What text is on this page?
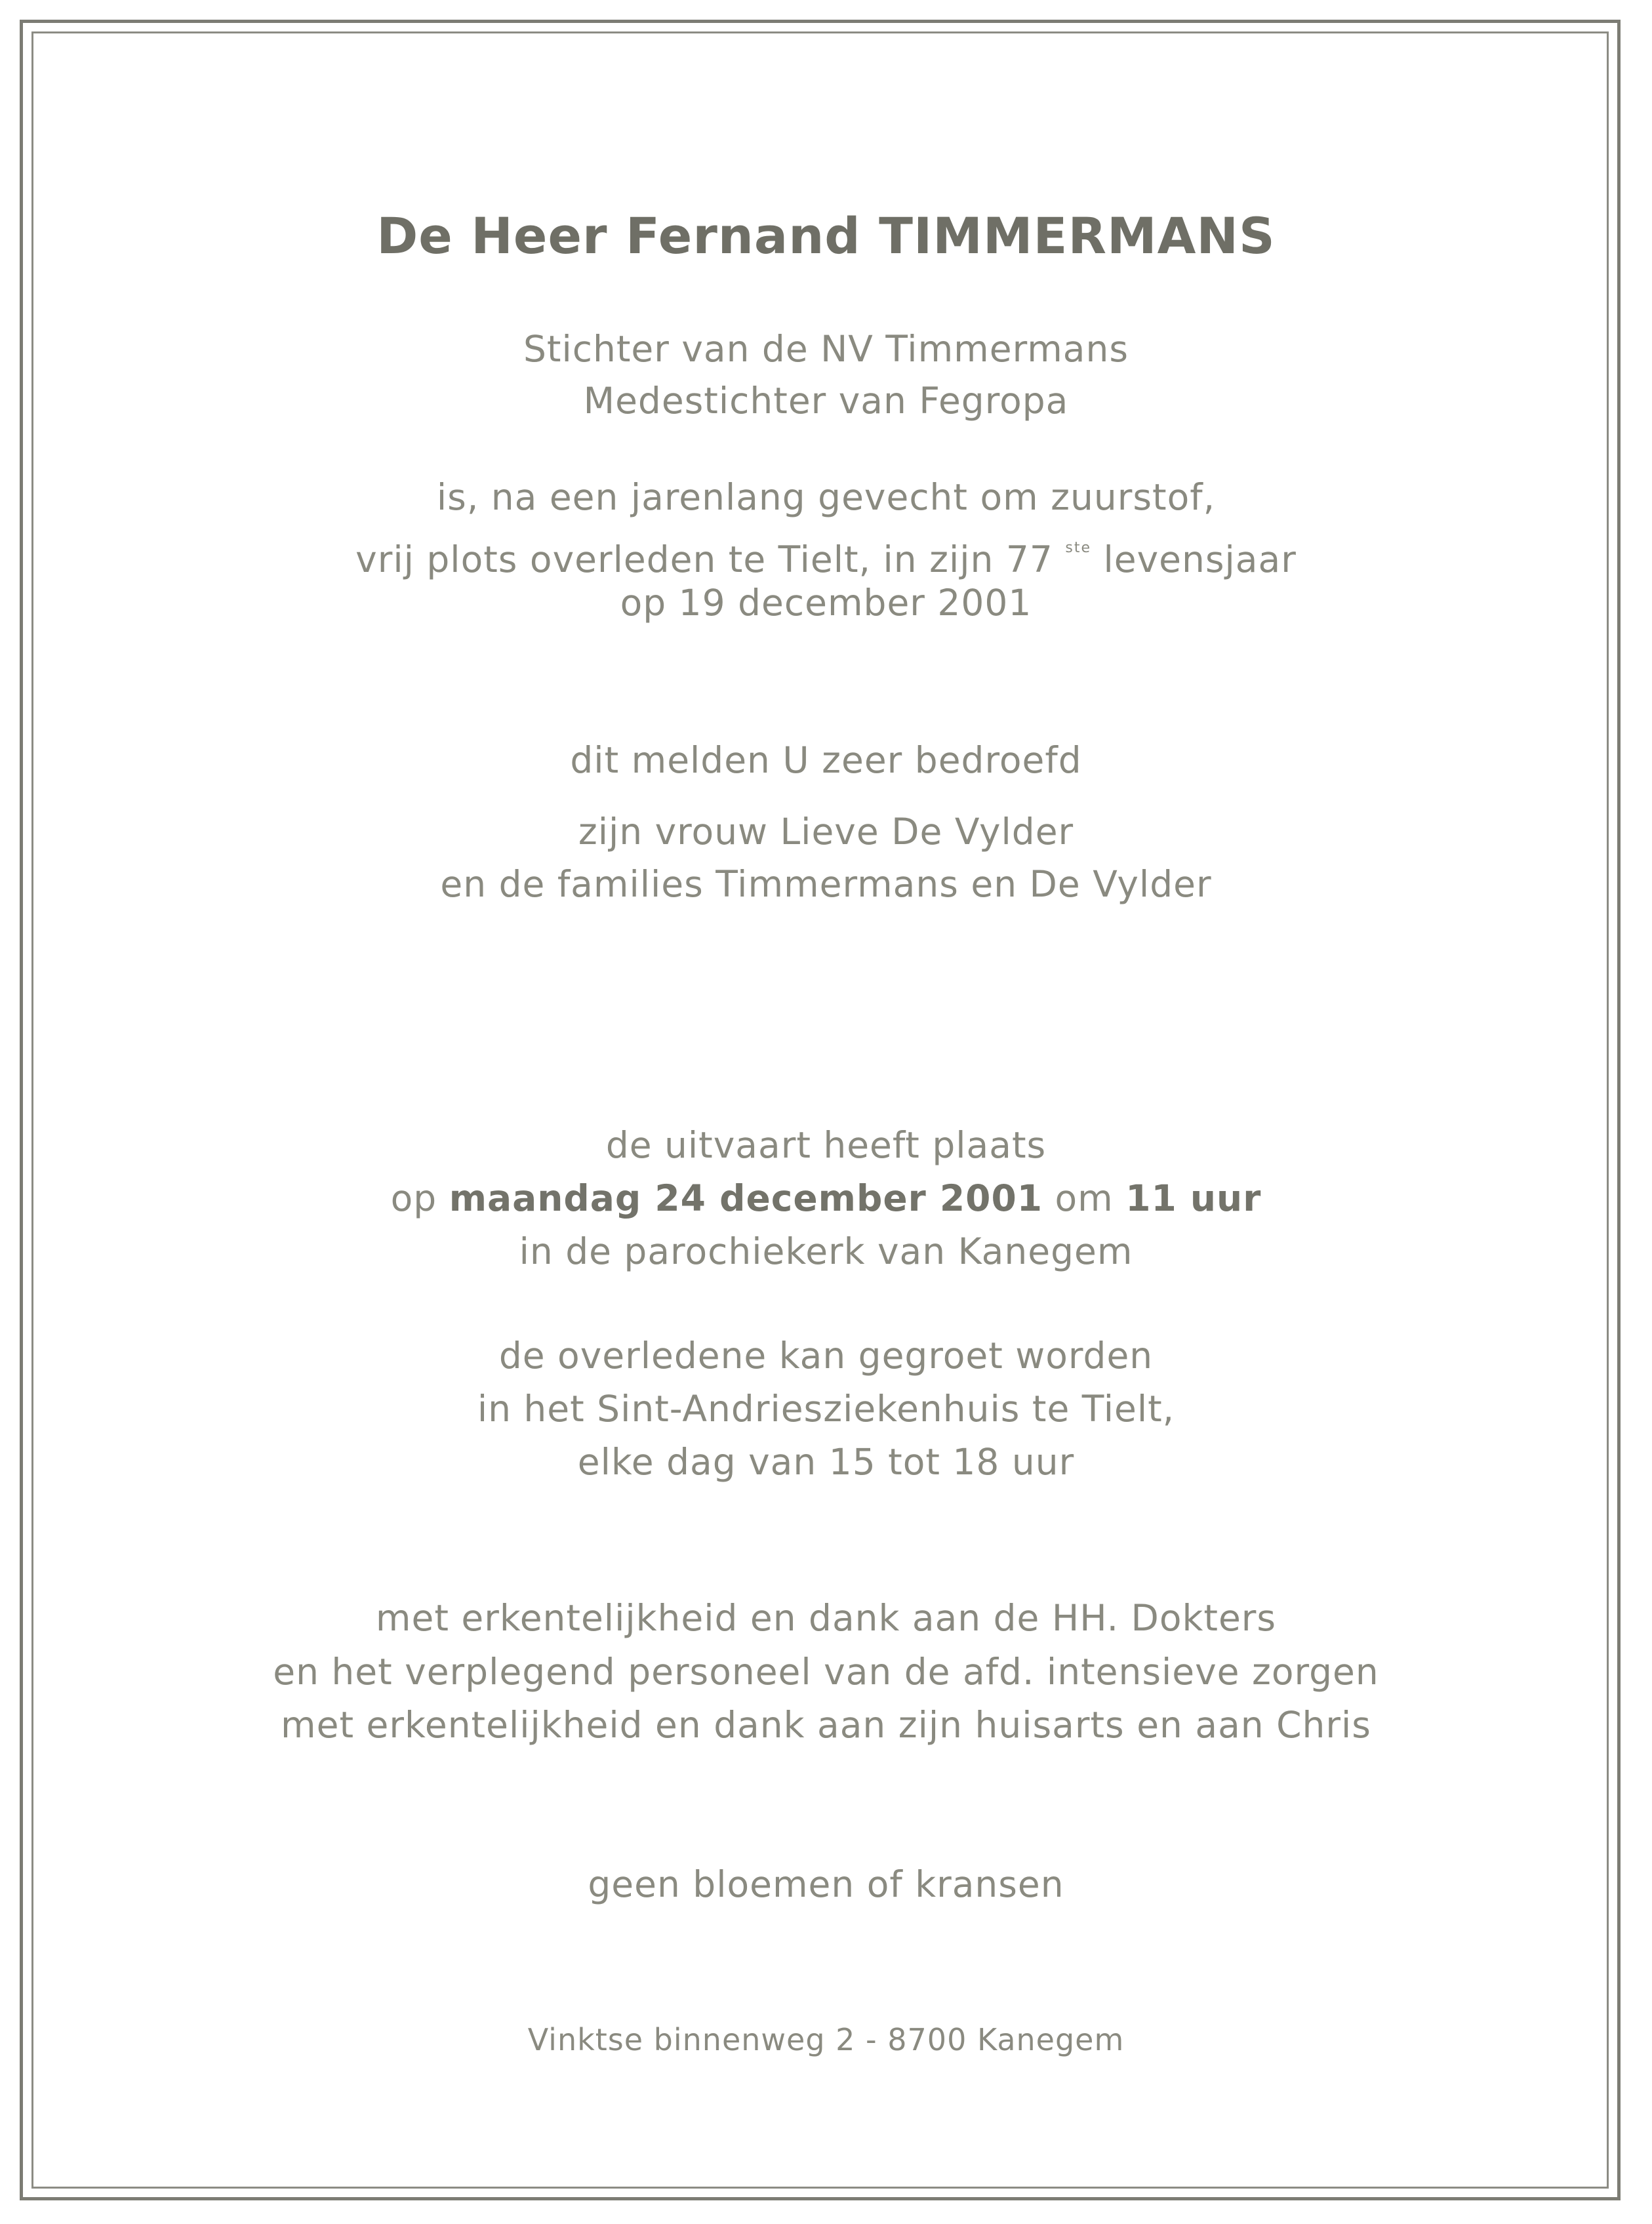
De Heer Fernand TIMMERMANS
Stichter van de NV Timmermans
Medestichter van Fegropa
is, na een jarenlang gevecht om zuurstof,
vrij plots overleden te Tielt, in zijn 77 $^{ste}$ levensjaar
op 19 december 2001
dit melden U zeer bedroefd
zijn vrouw Lieve De Vylder
en de families Timmermans en De Vylder
de uitvaart heeft plaats
op maandag 24 december 2001 om 11 uur
in de parochiekerk van Kanegem
de overledene kan gegroet worden
in het Sint-Andriesziekenhuis te Tielt,
elke dag van 15 tot 18 uur
met erkentelijkheid en dank aan de HH. Dokters
en het verplegend personeel van de afd. intensieve zorgen
met erkentelijkheid en dank aan zijn huisarts en aan Chris
geen bloemen of kransen
Vinktse binnenweg 2 - 8700 Kanegem
